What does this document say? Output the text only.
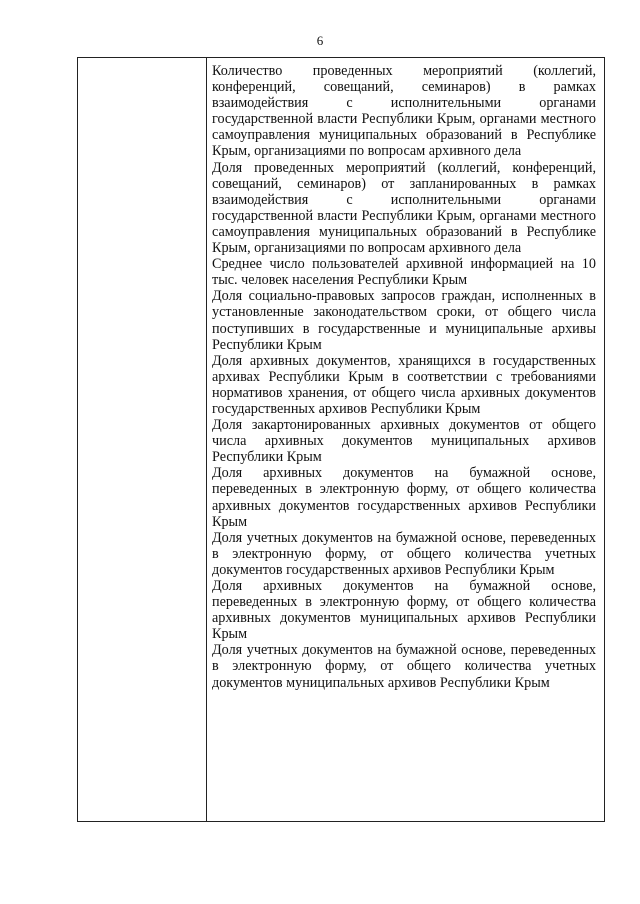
6
Количество проведенных мероприятий (коллегий, конференций, совещаний, семинаров) в рамках взаимодействия с исполнительными органами государственной власти Республики Крым, органами местного самоуправления муниципальных образований в Республике Крым, организациями по вопросам архивного дела
Доля проведенных мероприятий (коллегий, конференций, совещаний, семинаров) от запланированных в рамках взаимодействия с исполнительными органами государственной власти Республики Крым, органами местного самоуправления муниципальных образований в Республике Крым, организациями по вопросам архивного дела
Среднее число пользователей архивной информацией на 10 тыс. человек населения Республики Крым
Доля социально-правовых запросов граждан, исполненных в установленные законодательством сроки, от общего числа поступивших в государственные и муниципальные архивы Республики Крым
Доля архивных документов, хранящихся в государственных архивах Республики Крым в соответствии с требованиями нормативов хранения, от общего числа архивных документов государственных архивов Республики Крым
Доля закартонированных архивных документов от общего числа архивных документов муниципальных архивов Республики Крым
Доля архивных документов на бумажной основе, переведенных в электронную форму, от общего количества архивных документов государственных архивов Республики Крым
Доля учетных документов на бумажной основе, переведенных в электронную форму, от общего количества учетных документов государственных архивов Республики Крым
Доля архивных документов на бумажной основе, переведенных в электронную форму, от общего количества архивных документов муниципальных архивов Республики Крым
Доля учетных документов на бумажной основе, переведенных в электронную форму, от общего количества учетных документов муниципальных архивов Республики Крым
